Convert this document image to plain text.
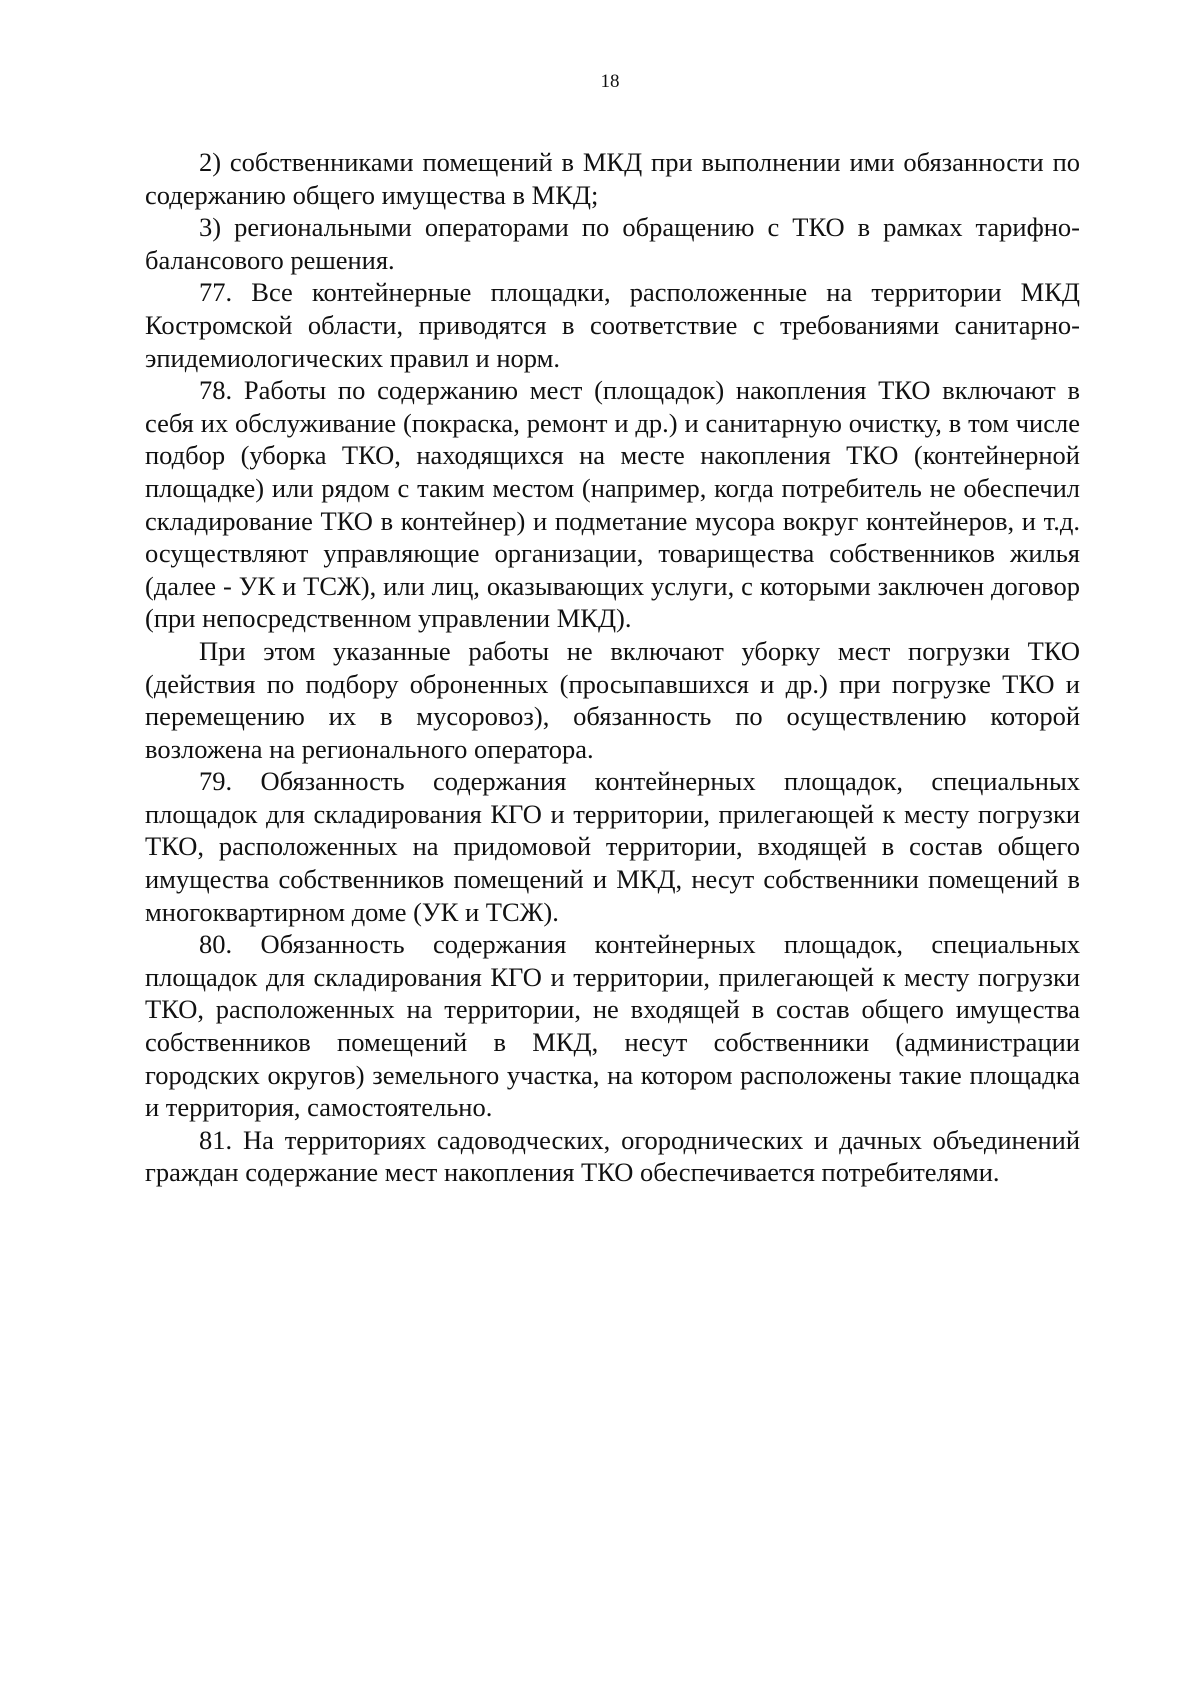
18

2) собственниками помещений в МКД при выполнении ими обязанности по содержанию общего имущества в МКД;

3) региональными операторами по обращению с ТКО в рамках тарифно-балансового решения.

77. Все контейнерные площадки, расположенные на территории МКД Костромской области, приводятся в соответствие с требованиями санитарно-эпидемиологических правил и норм.

78. Работы по содержанию мест (площадок) накопления ТКО включают в себя их обслуживание (покраска, ремонт и др.) и санитарную очистку, в том числе подбор (уборка ТКО, находящихся на месте накопления ТКО (контейнерной площадке) или рядом с таким местом (например, когда потребитель не обеспечил складирование ТКО в контейнер) и подметание мусора вокруг контейнеров, и т.д. осуществляют управляющие организации, товарищества собственников жилья (далее - УК и ТСЖ), или лиц, оказывающих услуги, с которыми заключен договор (при непосредственном управлении МКД).

При этом указанные работы не включают уборку мест погрузки ТКО (действия по подбору оброненных (просыпавшихся и др.) при погрузке ТКО и перемещению их в мусоровоз), обязанность по осуществлению которой возложена на регионального оператора.

79. Обязанность содержания контейнерных площадок, специальных площадок для складирования КГО и территории, прилегающей к месту погрузки ТКО, расположенных на придомовой территории, входящей в состав общего имущества собственников помещений и МКД, несут собственники помещений в многоквартирном доме (УК и ТСЖ).

80. Обязанность содержания контейнерных площадок, специальных площадок для складирования КГО и территории, прилегающей к месту погрузки ТКО, расположенных на территории, не входящей в состав общего имущества собственников помещений в МКД, несут собственники (администрации городских округов) земельного участка, на котором расположены такие площадка и территория, самостоятельно.

81. На территориях садоводческих, огороднических и дачных объединений граждан содержание мест накопления ТКО обеспечивается потребителями.
